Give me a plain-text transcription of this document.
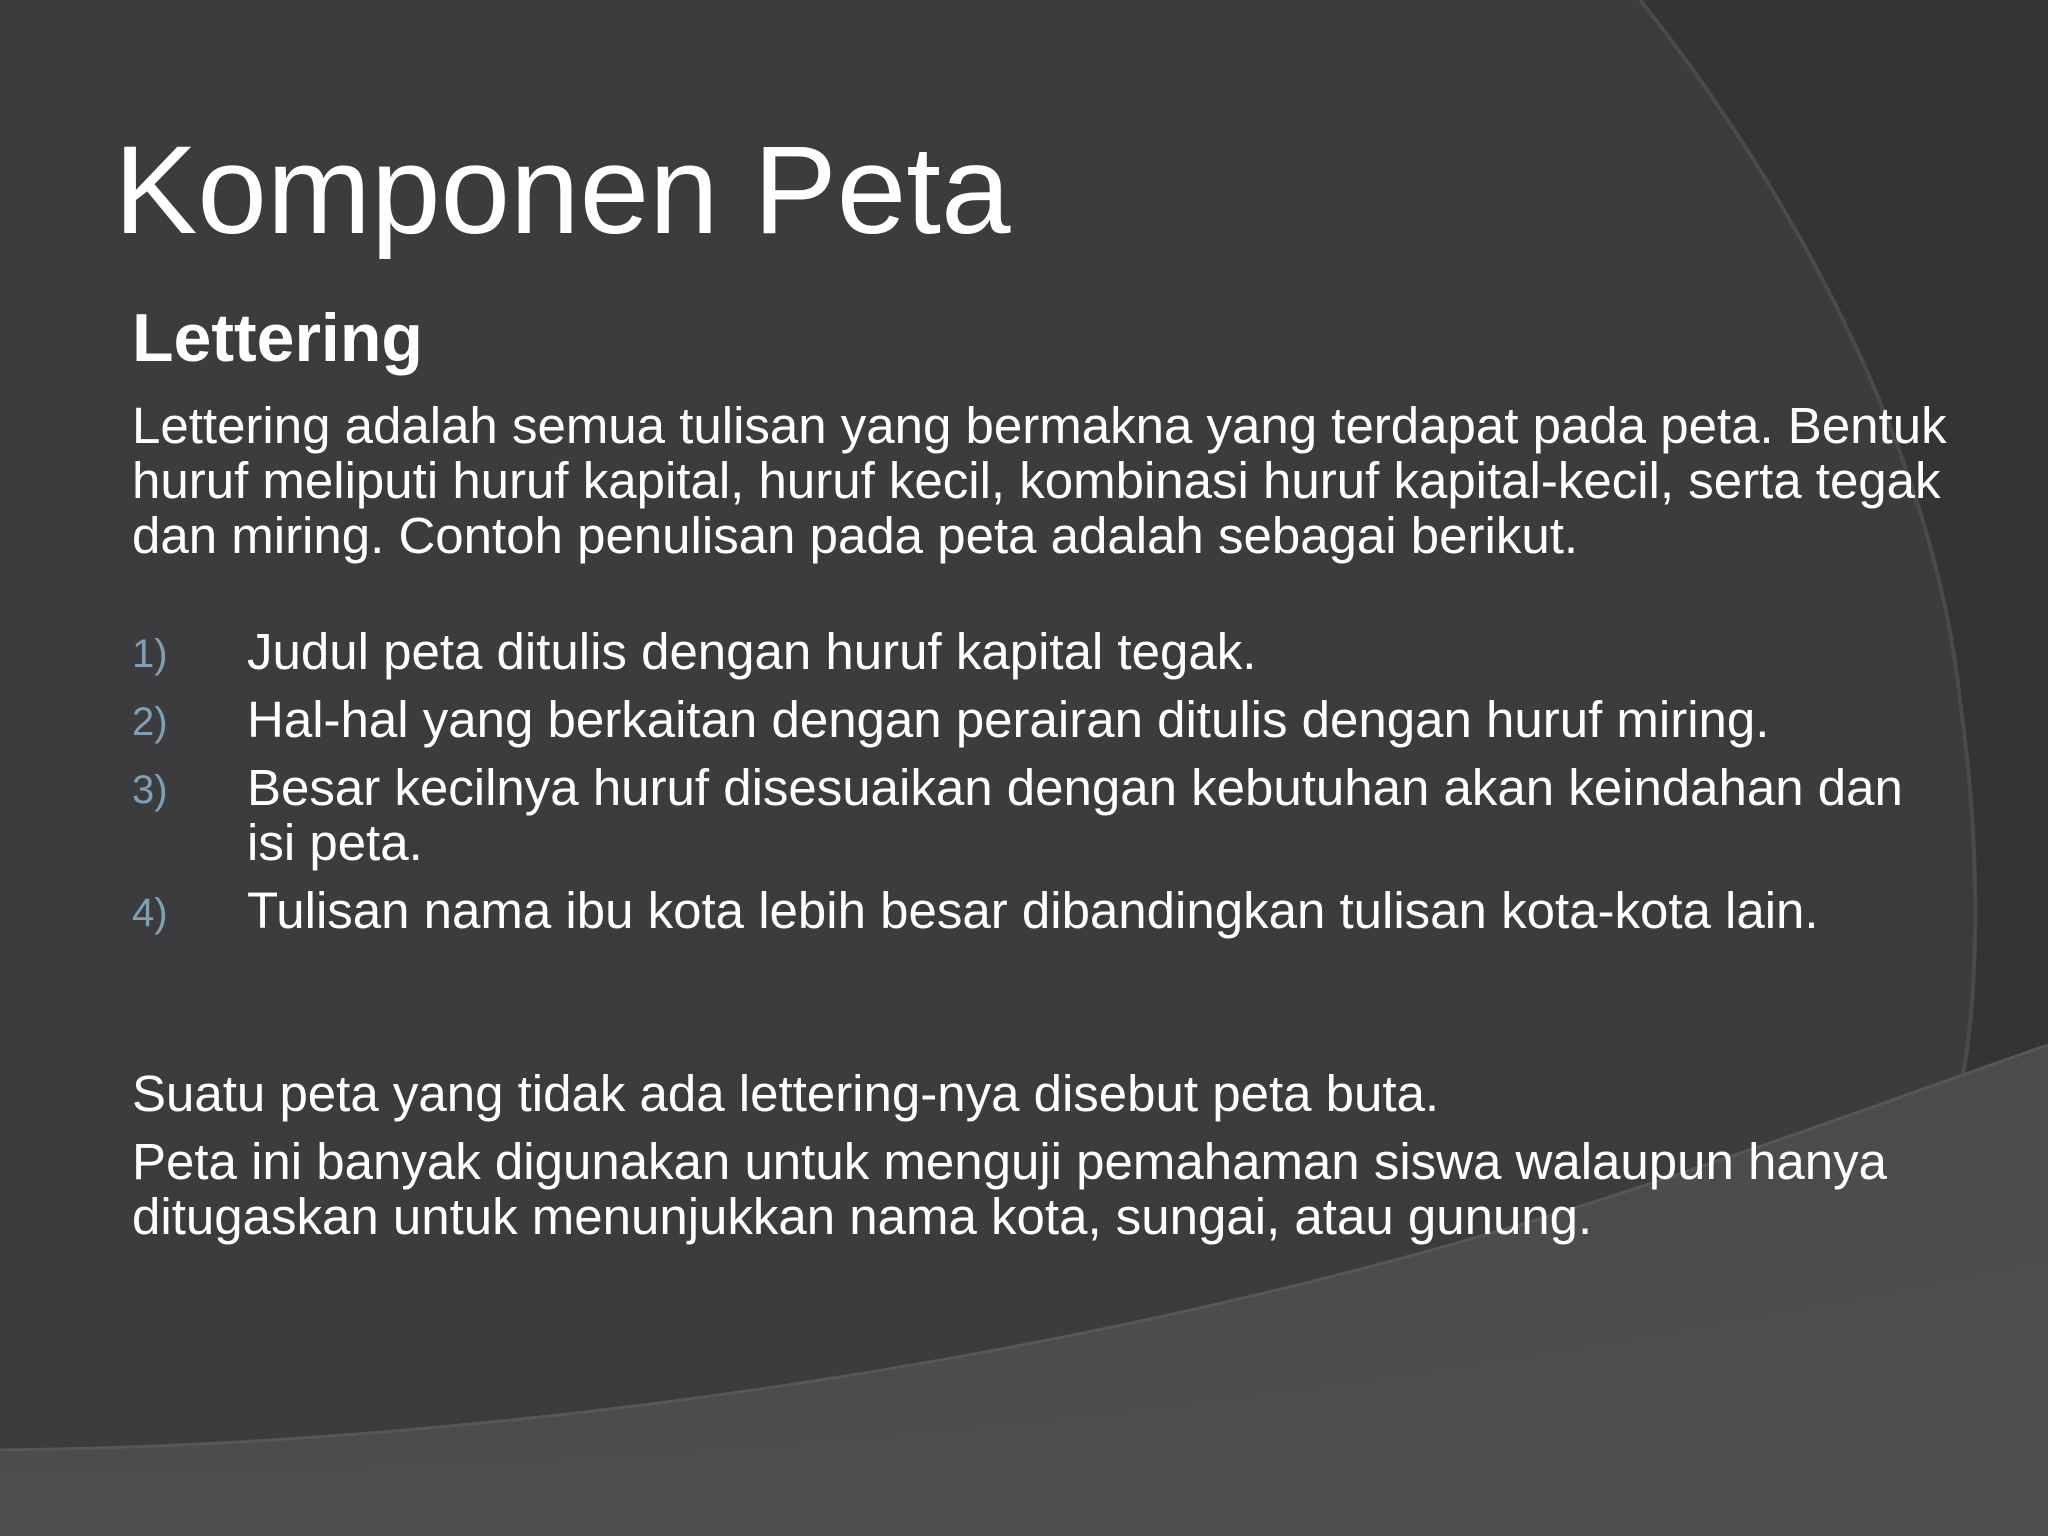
Komponen Peta
Lettering

Lettering adalah semua tulisan yang bermakna yang terdapat pada peta. Bentuk huruf meliputi huruf kapital, huruf kecil, kombinasi huruf kapital-kecil, serta tegak dan miring. Contoh penulisan pada peta adalah sebagai berikut.

1) Judul peta ditulis dengan huruf kapital tegak.
2) Hal-hal yang berkaitan dengan perairan ditulis dengan huruf miring.
3) Besar kecilnya huruf disesuaikan dengan kebutuhan akan keindahan dan isi peta.
4) Tulisan nama ibu kota lebih besar dibandingkan tulisan kota-kota lain.

Suatu peta yang tidak ada lettering-nya disebut peta buta.

Peta ini banyak digunakan untuk menguji pemahaman siswa walaupun hanya ditugaskan untuk menunjukkan nama kota, sungai, atau gunung.
